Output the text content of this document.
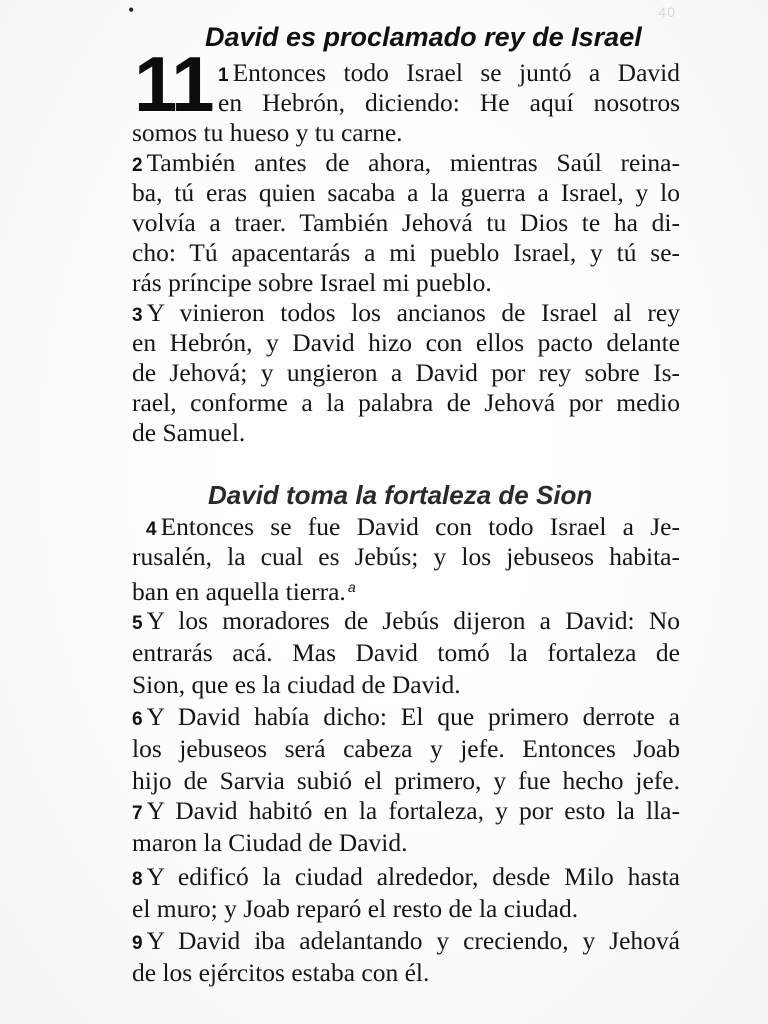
•	40
David es proclamado rey de Israel
11 1 Entonces todo Israel se juntó a David
en Hebrón, diciendo: He aquí nosotros
somos tu hueso y tu carne.
2 También antes de ahora, mientras Saúl reina-
ba, tú eras quien sacaba a la guerra a Israel, y lo
volvía a traer. También Jehová tu Dios te ha di-
cho: Tú apacentarás a mi pueblo Israel, y tú se-
rás príncipe sobre Israel mi pueblo.
3 Y vinieron todos los ancianos de Israel al rey
en Hebrón, y David hizo con ellos pacto delante
de Jehová; y ungieron a David por rey sobre Is-
rael, conforme a la palabra de Jehová por medio
de Samuel.
David toma la fortaleza de Sion
4 Entonces se fue David con todo Israel a Je-
rusalén, la cual es Jebús; y los jebuseos habita-
ban en aquella tierra. $^a$
5 Y los moradores de Jebús dijeron a David: No
entrarás acá. Mas David tomó la fortaleza de
Sion, que es la ciudad de David.
6 Y David había dicho: El que primero derrote a
los jebuseos será cabeza y jefe. Entonces Joab
hijo de Sarvia subió el primero, y fue hecho jefe.
7 Y David habitó en la fortaleza, y por esto la lla-
maron la Ciudad de David.
8 Y edificó la ciudad alrededor, desde Milo hasta
el muro; y Joab reparó el resto de la ciudad.
9 Y David iba adelantando y creciendo, y Jehová
de los ejércitos estaba con él.
